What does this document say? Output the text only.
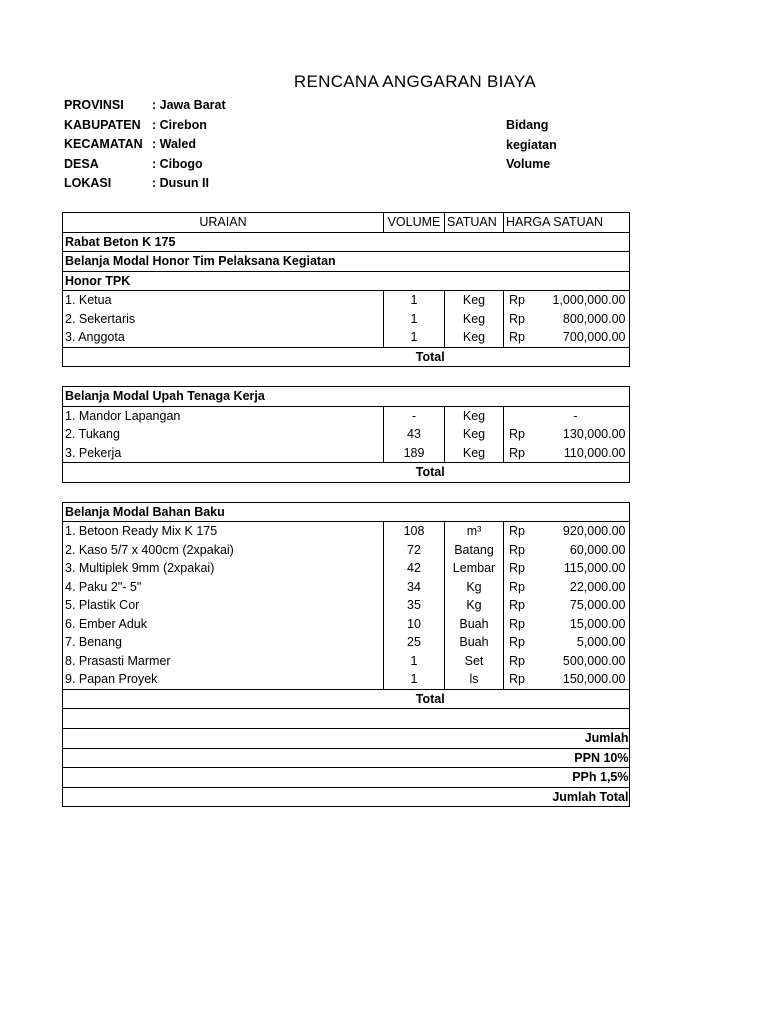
RENCANA ANGGARAN BIAYA
PROVINSI	: Jawa Barat
KABUPATEN : Cirebon
KECAMATAN : Waled
DESA	: Cibogo
LOKASI	: Dusun II
Bidang
kegiatan
Volume
URAIAN	VOLUME	SATUAN	HARGA SATUAN	
Rabat Beton K 175				
Belanja Modal Honor Tim Pelaksana Kegiatan				
Honor TPK				
1. Ketua	1	Keg	Rp	1,000,000.00
2. Sekertaris	1	Keg	Rp	800,000.00
3. Anggota	1	Keg	Rp	700,000.00
Total				

Belanja Modal Upah Tenaga Kerja				
1. Mandor Lapangan	-	Keg		-
2. Tukang	43	Keg	Rp	130,000.00
3. Pekerja	189	Keg	Rp	110,000.00
Total				

Belanja Modal Bahan Baku				
1. Betoon Ready Mix K 175	108	m³	Rp	920,000.00
2. Kaso 5/7 x 400cm (2xpakai)	72	Batang	Rp	60,000.00
3. Multiplek 9mm (2xpakai)	42	Lembar	Rp	115,000.00
4. Paku 2"- 5"	34	Kg	Rp	22,000.00
5. Plastik Cor	35	Kg	Rp	75,000.00
6. Ember Aduk	10	Buah	Rp	15,000.00
7. Benang	25	Buah	Rp	5,000.00
8. Prasasti Marmer	1	Set	Rp	500,000.00
9. Papan Proyek	1	ls	Rp	150,000.00
Total				

Jumlah				
PPN 10%				
PPh 1,5%				
Jumlah Total				
